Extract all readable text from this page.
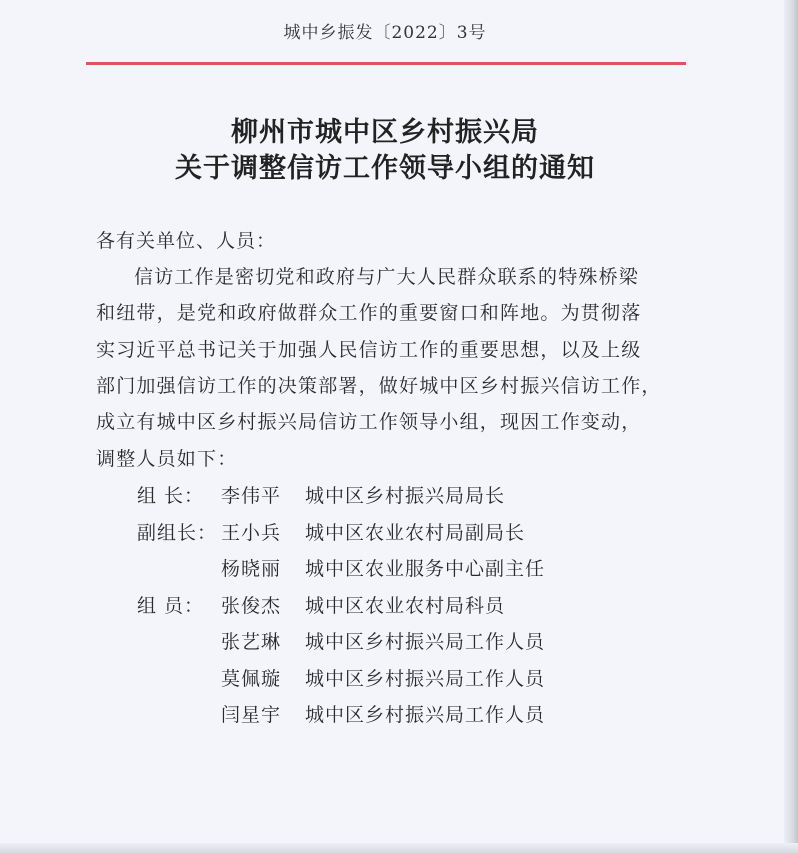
城中乡振发〔2022〕3号
柳州市城中区乡村振兴局
关于调整信访工作领导小组的通知
各有关单位、人员：
信访工作是密切党和政府与广大人民群众联系的特殊桥梁
和纽带，是党和政府做群众工作的重要窗口和阵地。为贯彻落
实习近平总书记关于加强人民信访工作的重要思想，以及上级
部门加强信访工作的决策部署，做好城中区乡村振兴信访工作，
成立有城中区乡村振兴局信访工作领导小组，现因工作变动，
调整人员如下：
组 长： 李伟平 城中区乡村振兴局局长
副组长： 王小兵 城中区农业农村局副局长
杨晓丽 城中区农业服务中心副主任
组 员： 张俊杰 城中区农业农村局科员
张艺琳 城中区乡村振兴局工作人员
莫佩璇 城中区乡村振兴局工作人员
闫星宇 城中区乡村振兴局工作人员
